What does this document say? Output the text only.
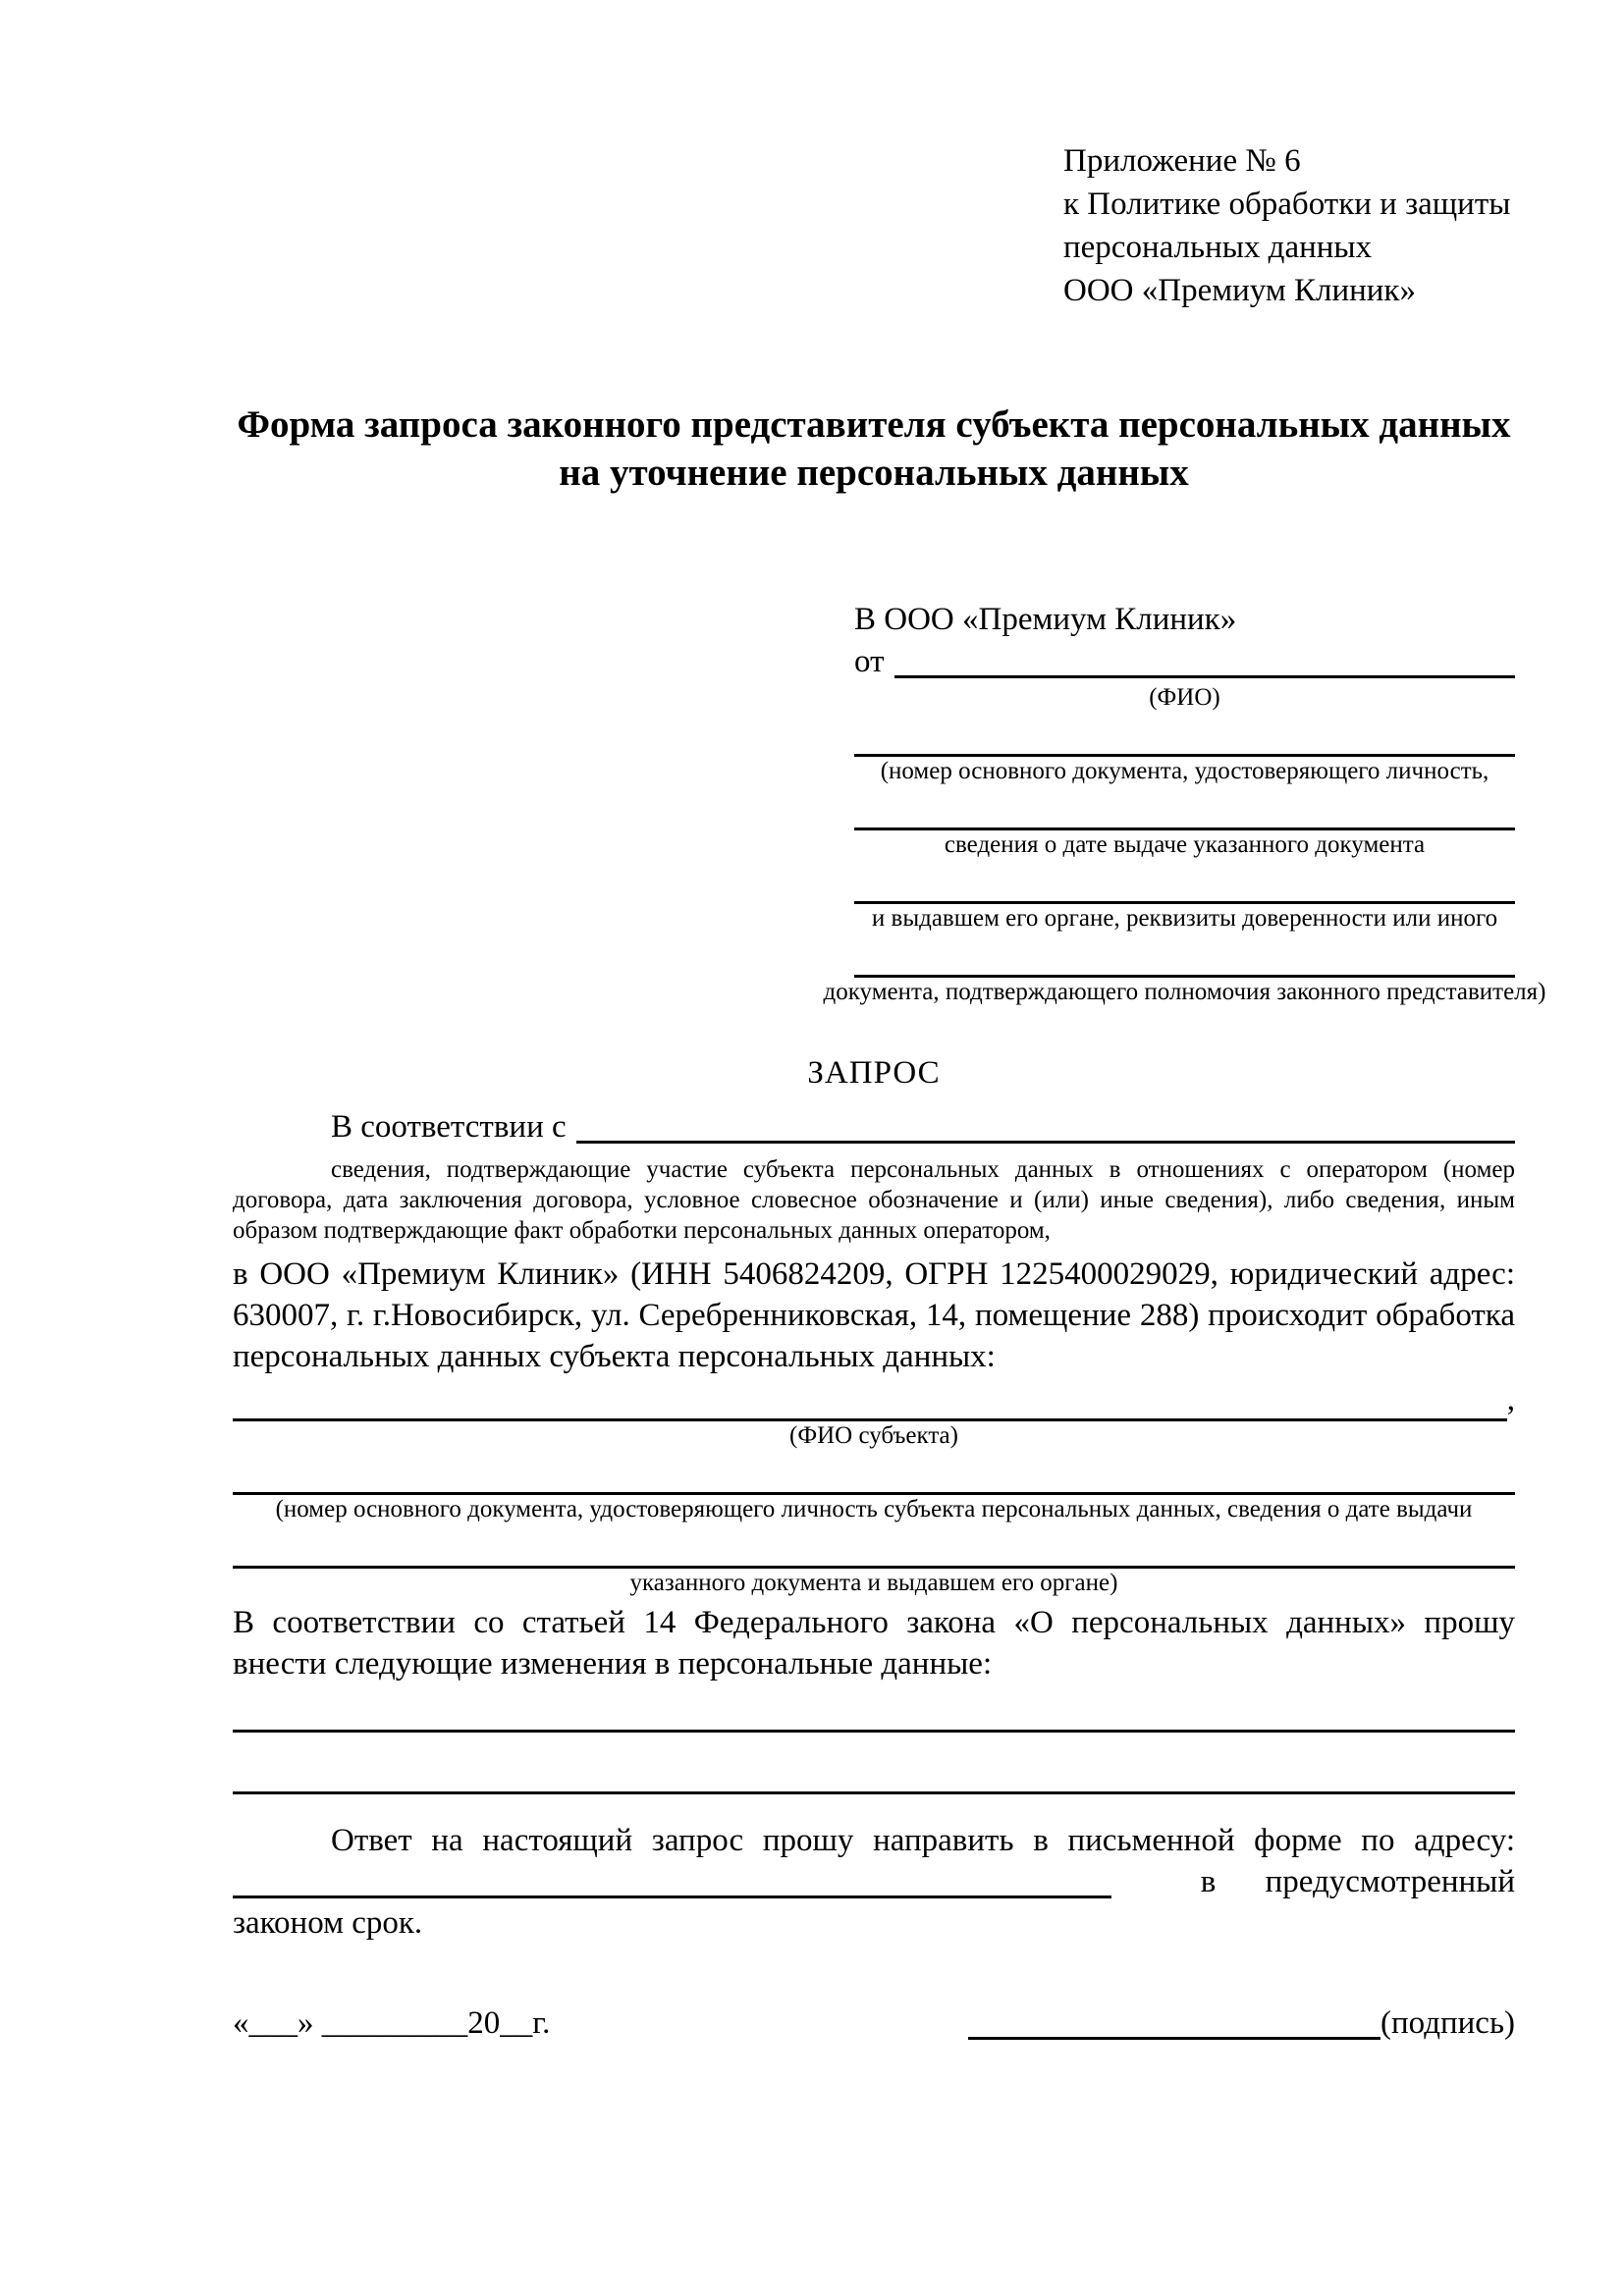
Приложение № 6
к Политике обработки и защиты
персональных данных
ООО «Премиум Клиник»
Форма запроса законного представителя субъекта персональных данных
на уточнение персональных данных
В ООО «Премиум Клиник»
от
(ФИО)
(номер основного документа, удостоверяющего личность,
сведения о дате выдаче указанного документа
и выдавшем его органе, реквизиты доверенности или иного
документа, подтверждающего полномочия законного представителя)
ЗАПРОС
В соответствии с
сведения, подтверждающие участие субъекта персональных данных в отношениях с оператором (номер договора, дата заключения договора, условное словесное обозначение и (или) иные сведения), либо сведения, иным образом подтверждающие факт обработки персональных данных оператором,
в ООО «Премиум Клиник» (ИНН 5406824209, ОГРН 1225400029029, юридический адрес: 630007, г. г.Новосибирск, ул. Серебренниковская, 14, помещение 288) происходит обработка персональных данных субъекта персональных данных:
,
(ФИО субъекта)
(номер основного документа, удостоверяющего личность субъекта персональных данных, сведения о дате выдачи
указанного документа и выдавшем его органе)
В соответствии со статьей 14 Федерального закона «О персональных данных» прошу внести следующие изменения в персональные данные:
Ответ на настоящий запрос прошу направить в письменной форме по адресу:
в предусмотренный
законом срок.
«___» _________20__г.	(подпись)
